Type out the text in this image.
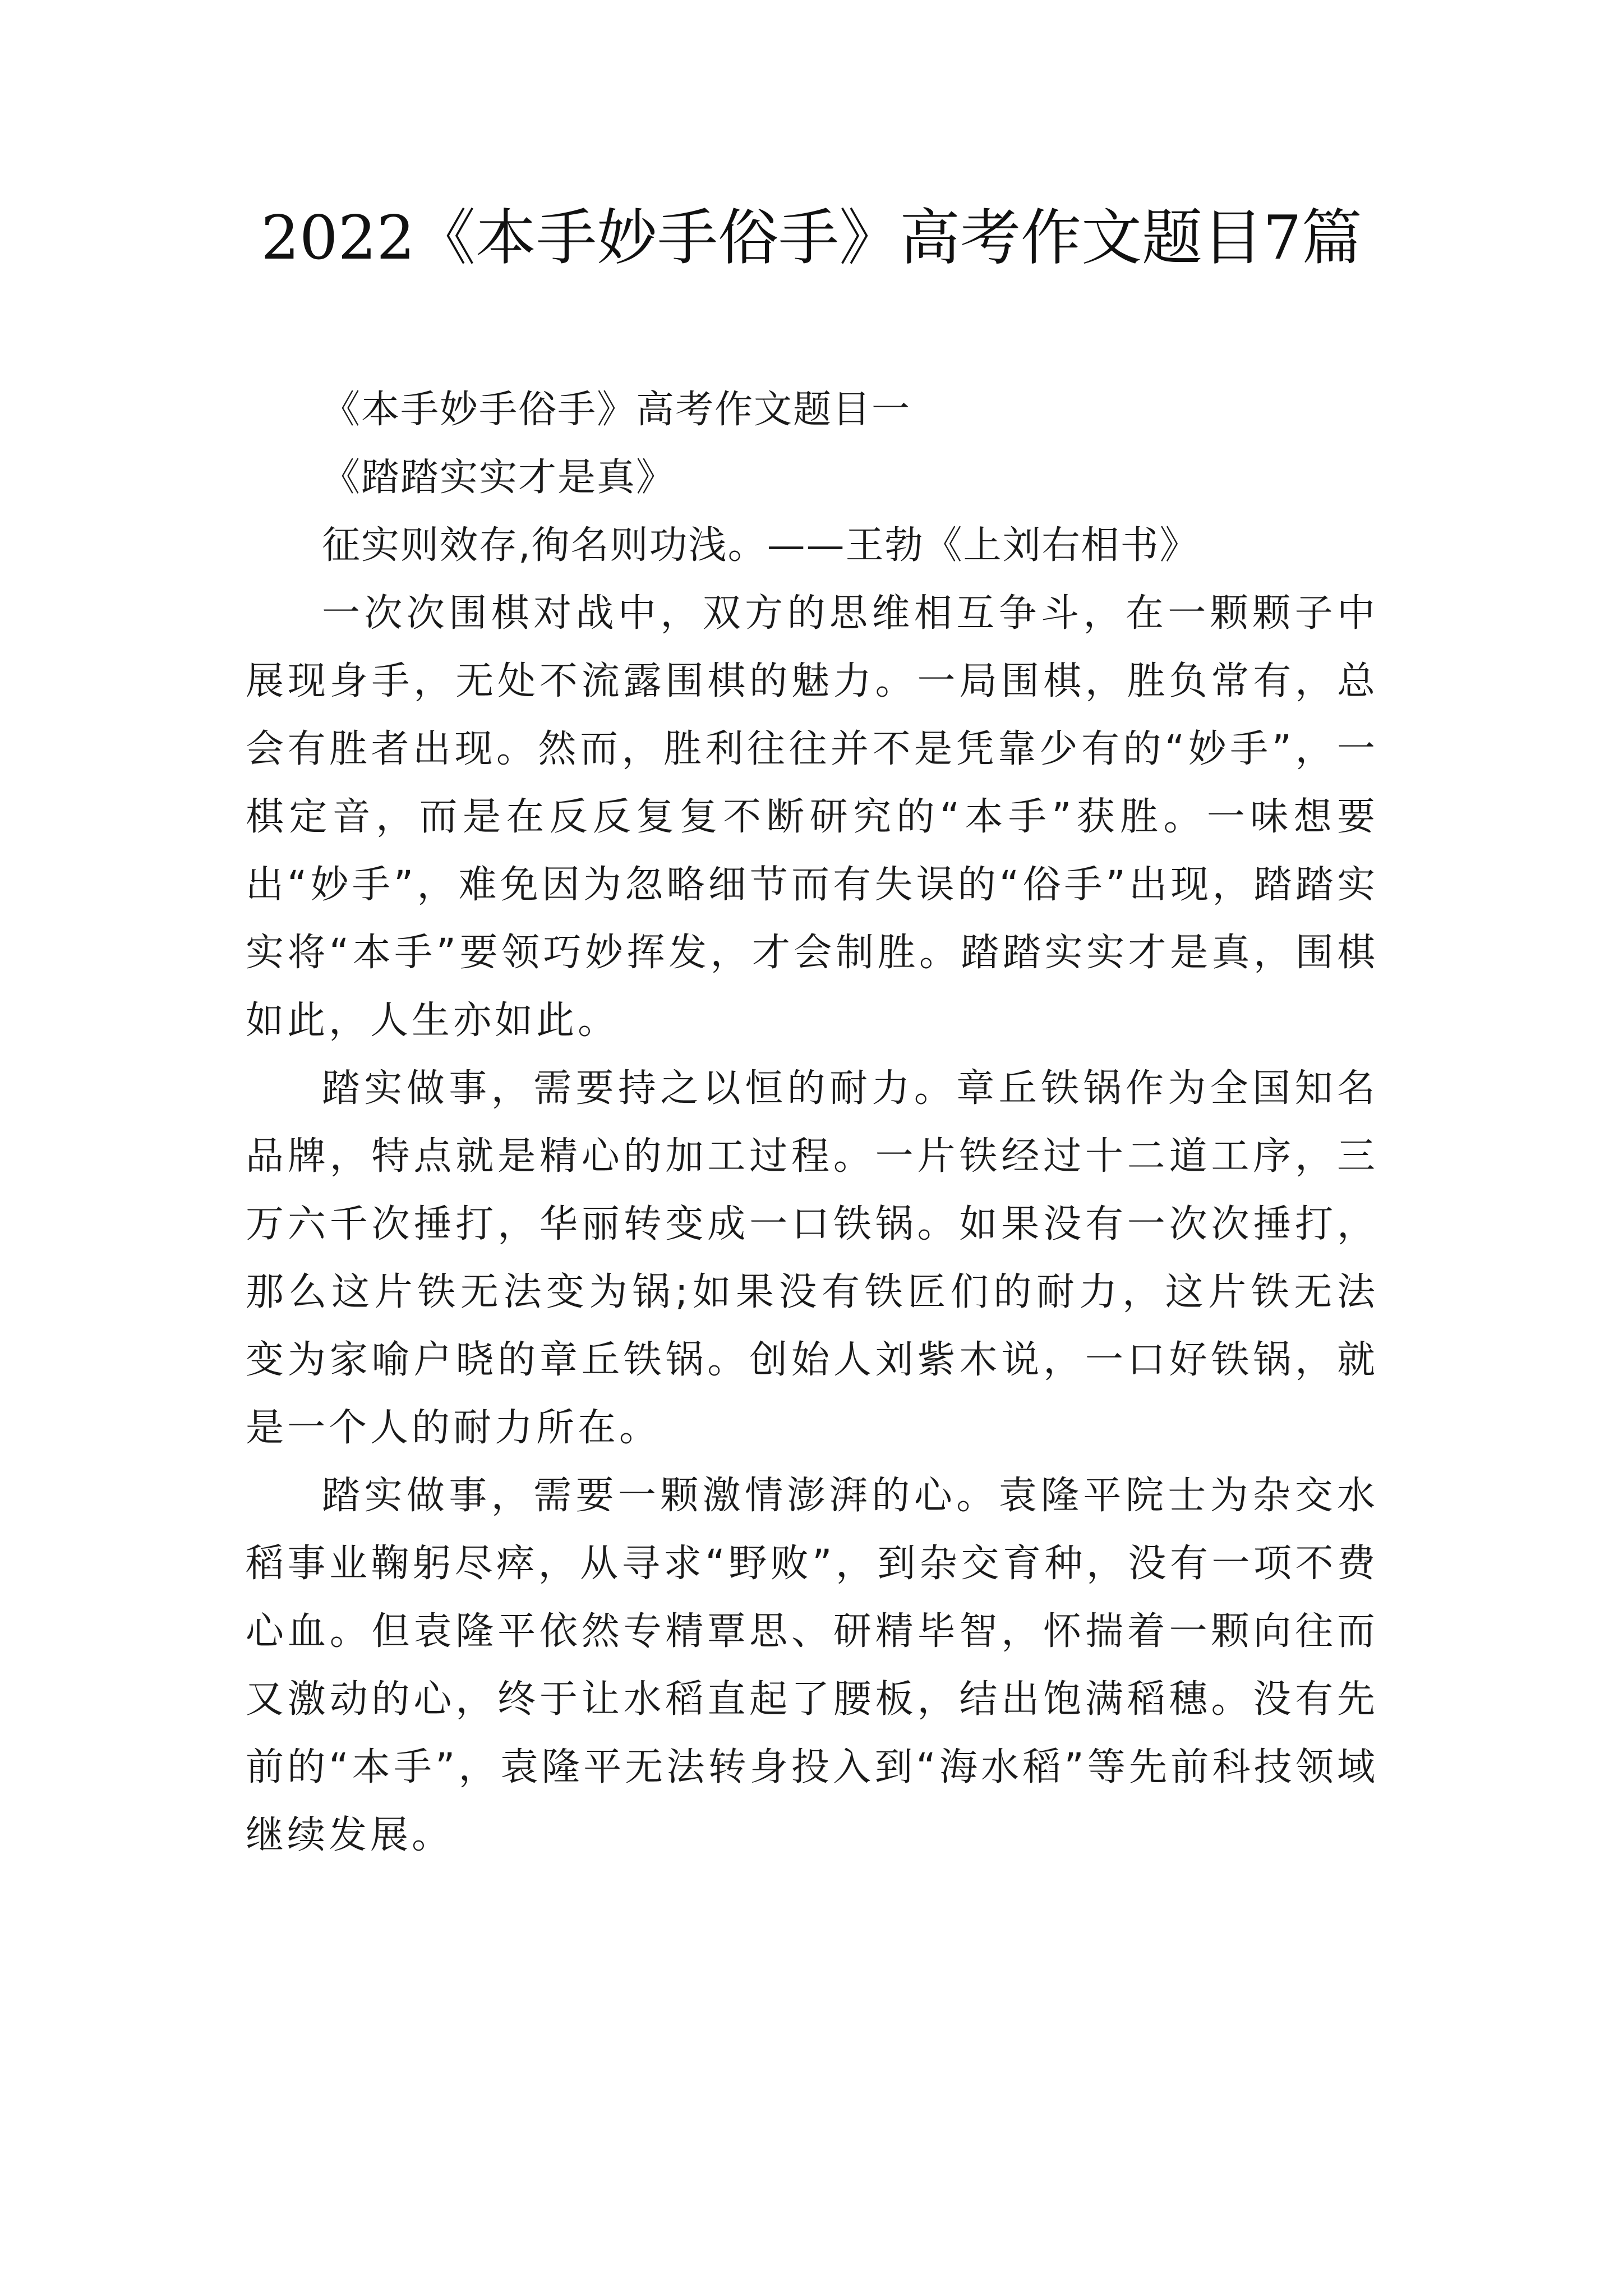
2022《本手妙手俗手》高考作文题目7篇

《本手妙手俗手》高考作文题目一

《踏踏实实才是真》

征实则效存,徇名则功浅。——王勃《上刘右相书》

一次次围棋对战中，双方的思维相互争斗，在一颗颗子中展现身手，无处不流露围棋的魅力。一局围棋，胜负常有，总会有胜者出现。然而，胜利往往并不是凭靠少有的“妙手”，一棋定音，而是在反反复复不断研究的“本手”获胜。一味想要出“妙手”，难免因为忽略细节而有失误的“俗手”出现，踏踏实实将“本手”要领巧妙挥发，才会制胜。踏踏实实才是真，围棋如此，人生亦如此。

踏实做事，需要持之以恒的耐力。章丘铁锅作为全国知名品牌，特点就是精心的加工过程。一片铁经过十二道工序，三万六千次捶打，华丽转变成一口铁锅。如果没有一次次捶打，那么这片铁无法变为锅;如果没有铁匠们的耐力，这片铁无法变为家喻户晓的章丘铁锅。创始人刘紫木说，一口好铁锅，就是一个人的耐力所在。

踏实做事，需要一颗激情澎湃的心。袁隆平院士为杂交水稻事业鞠躬尽瘁，从寻求“野败”，到杂交育种，没有一项不费心血。但袁隆平依然专精覃思、研精毕智，怀揣着一颗向往而又激动的心，终于让水稻直起了腰板，结出饱满稻穗。没有先前的“本手”，袁隆平无法转身投入到“海水稻”等先前科技领域继续发展。
